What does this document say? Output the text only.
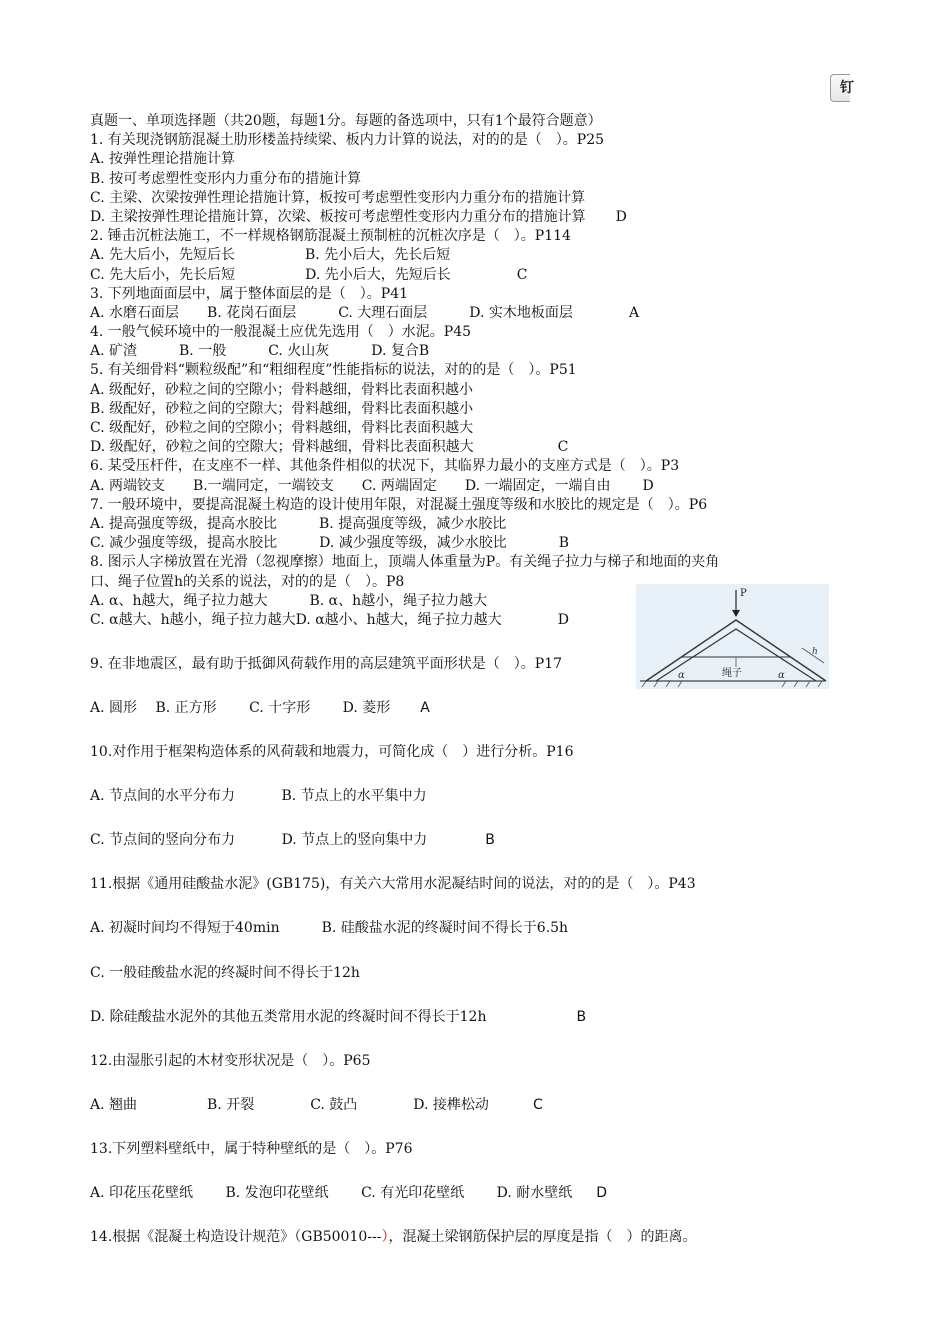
钉
P
h
绳子
α	α
真题一、单项选择题（共20题，每题1分。每题的备选项中，只有1个最符合题意）
1. 有关现浇钢筋混凝土肋形楼盖持续梁、板内力计算的说法，对的的是（　）。P25
A. 按弹性理论措施计算
B. 按可考虑塑性变形内力重分布的措施计算
C. 主梁、次梁按弹性理论措施计算，板按可考虑塑性变形内力重分布的措施计算
D. 主梁按弹性理论措施计算，次梁、板按可考虑塑性变形内力重分布的措施计算 D
2. 锤击沉桩法施工，不一样规格钢筋混凝土预制桩的沉桩次序是（　）。P114
A. 先大后小，先短后长　　　　　B. 先小后大，先长后短
C. 先大后小，先长后短　　　　　D. 先小后大，先短后长	C
3. 下列地面面层中，属于整体面层的是（　）。P41
A. 水磨石面层　　B. 花岗石面层　　　C. 大理石面层　　　D. 实木地板面层	A
4. 一般气候环境中的一般混凝土应优先选用（　）水泥。P45
A. 矿渣　　　B. 一般　　　C. 火山灰　　　D. 复合B
5. 有关细骨料“颗粒级配”和“粗细程度”性能指标的说法，对的的是（　）。P51
A. 级配好，砂粒之间的空隙小；骨料越细，骨料比表面积越小
B. 级配好，砂粒之间的空隙大；骨料越细，骨料比表面积越小
C. 级配好，砂粒之间的空隙小；骨料越细，骨料比表面积越大
D. 级配好，砂粒之间的空隙大；骨料越细，骨料比表面积越大	C
6. 某受压杆件，在支座不一样、其他条件相似的状况下，其临界力最小的支座方式是（　）。P3
A. 两端铰支　　B.一端同定，一端铰支　　C. 两端固定　　D. 一端固定，一端自由 D
7. 一般环境中，要提高混凝土构造的设计使用年限，对混凝土强度等级和水胶比的规定是（　）。P6
A. 提高强度等级，提高水胶比　　　B. 提高强度等级，减少水胶比
C. 减少强度等级，提高水胶比　　　D. 减少强度等级，减少水胶比	B
8. 图示人字梯放置在光滑（忽视摩擦）地面上，顶端人体重量为P。有关绳子拉力与梯子和地面的夹角
口、绳子位置h的关系的说法，对的的是（　）。P8
A. α、h越大，绳子拉力越大　　　B. α、h越小，绳子拉力越大
C. α越大、h越小，绳子拉力越大D. α越小、h越大，绳子拉力越大	D
9. 在非地震区，最有助于抵御风荷载作用的高层建筑平面形状是（　）。P17
A. 圆形　 B. 正方形　　 C. 十字形　　 D. 菱形 A
10.对作用于框架构造体系的风荷载和地震力，可简化成（　）进行分析。P16
A. 节点间的水平分布力　　　 B. 节点上的水平集中力
C. 节点间的竖向分布力　　　 D. 节点上的竖向集中力	B
11.根据《通用硅酸盐水泥》(GB175)，有关六大常用水泥凝结时间的说法，对的的是（　）。P43
A. 初凝时间均不得短于40min　　　B. 硅酸盐水泥的终凝时间不得长于6.5h
C. 一般硅酸盐水泥的终凝时间不得长于12h
D. 除硅酸盐水泥外的其他五类常用水泥的终凝时间不得长于12h	B
12.由湿胀引起的木材变形状况是（　）。P65
A. 翘曲　　　　　B. 开裂　　　　C. 鼓凸　　　　D. 接榫松动	C
13.下列塑料壁纸中，属于特种壁纸的是（　）。P76
A. 印花压花壁纸　　 B. 发泡印花壁纸　　 C. 有光印花壁纸　　 D. 耐水壁纸 D
14.根据《混凝土构造设计规范》（GB50010---），混凝土梁钢筋保护层的厚度是指（　）的距离。
